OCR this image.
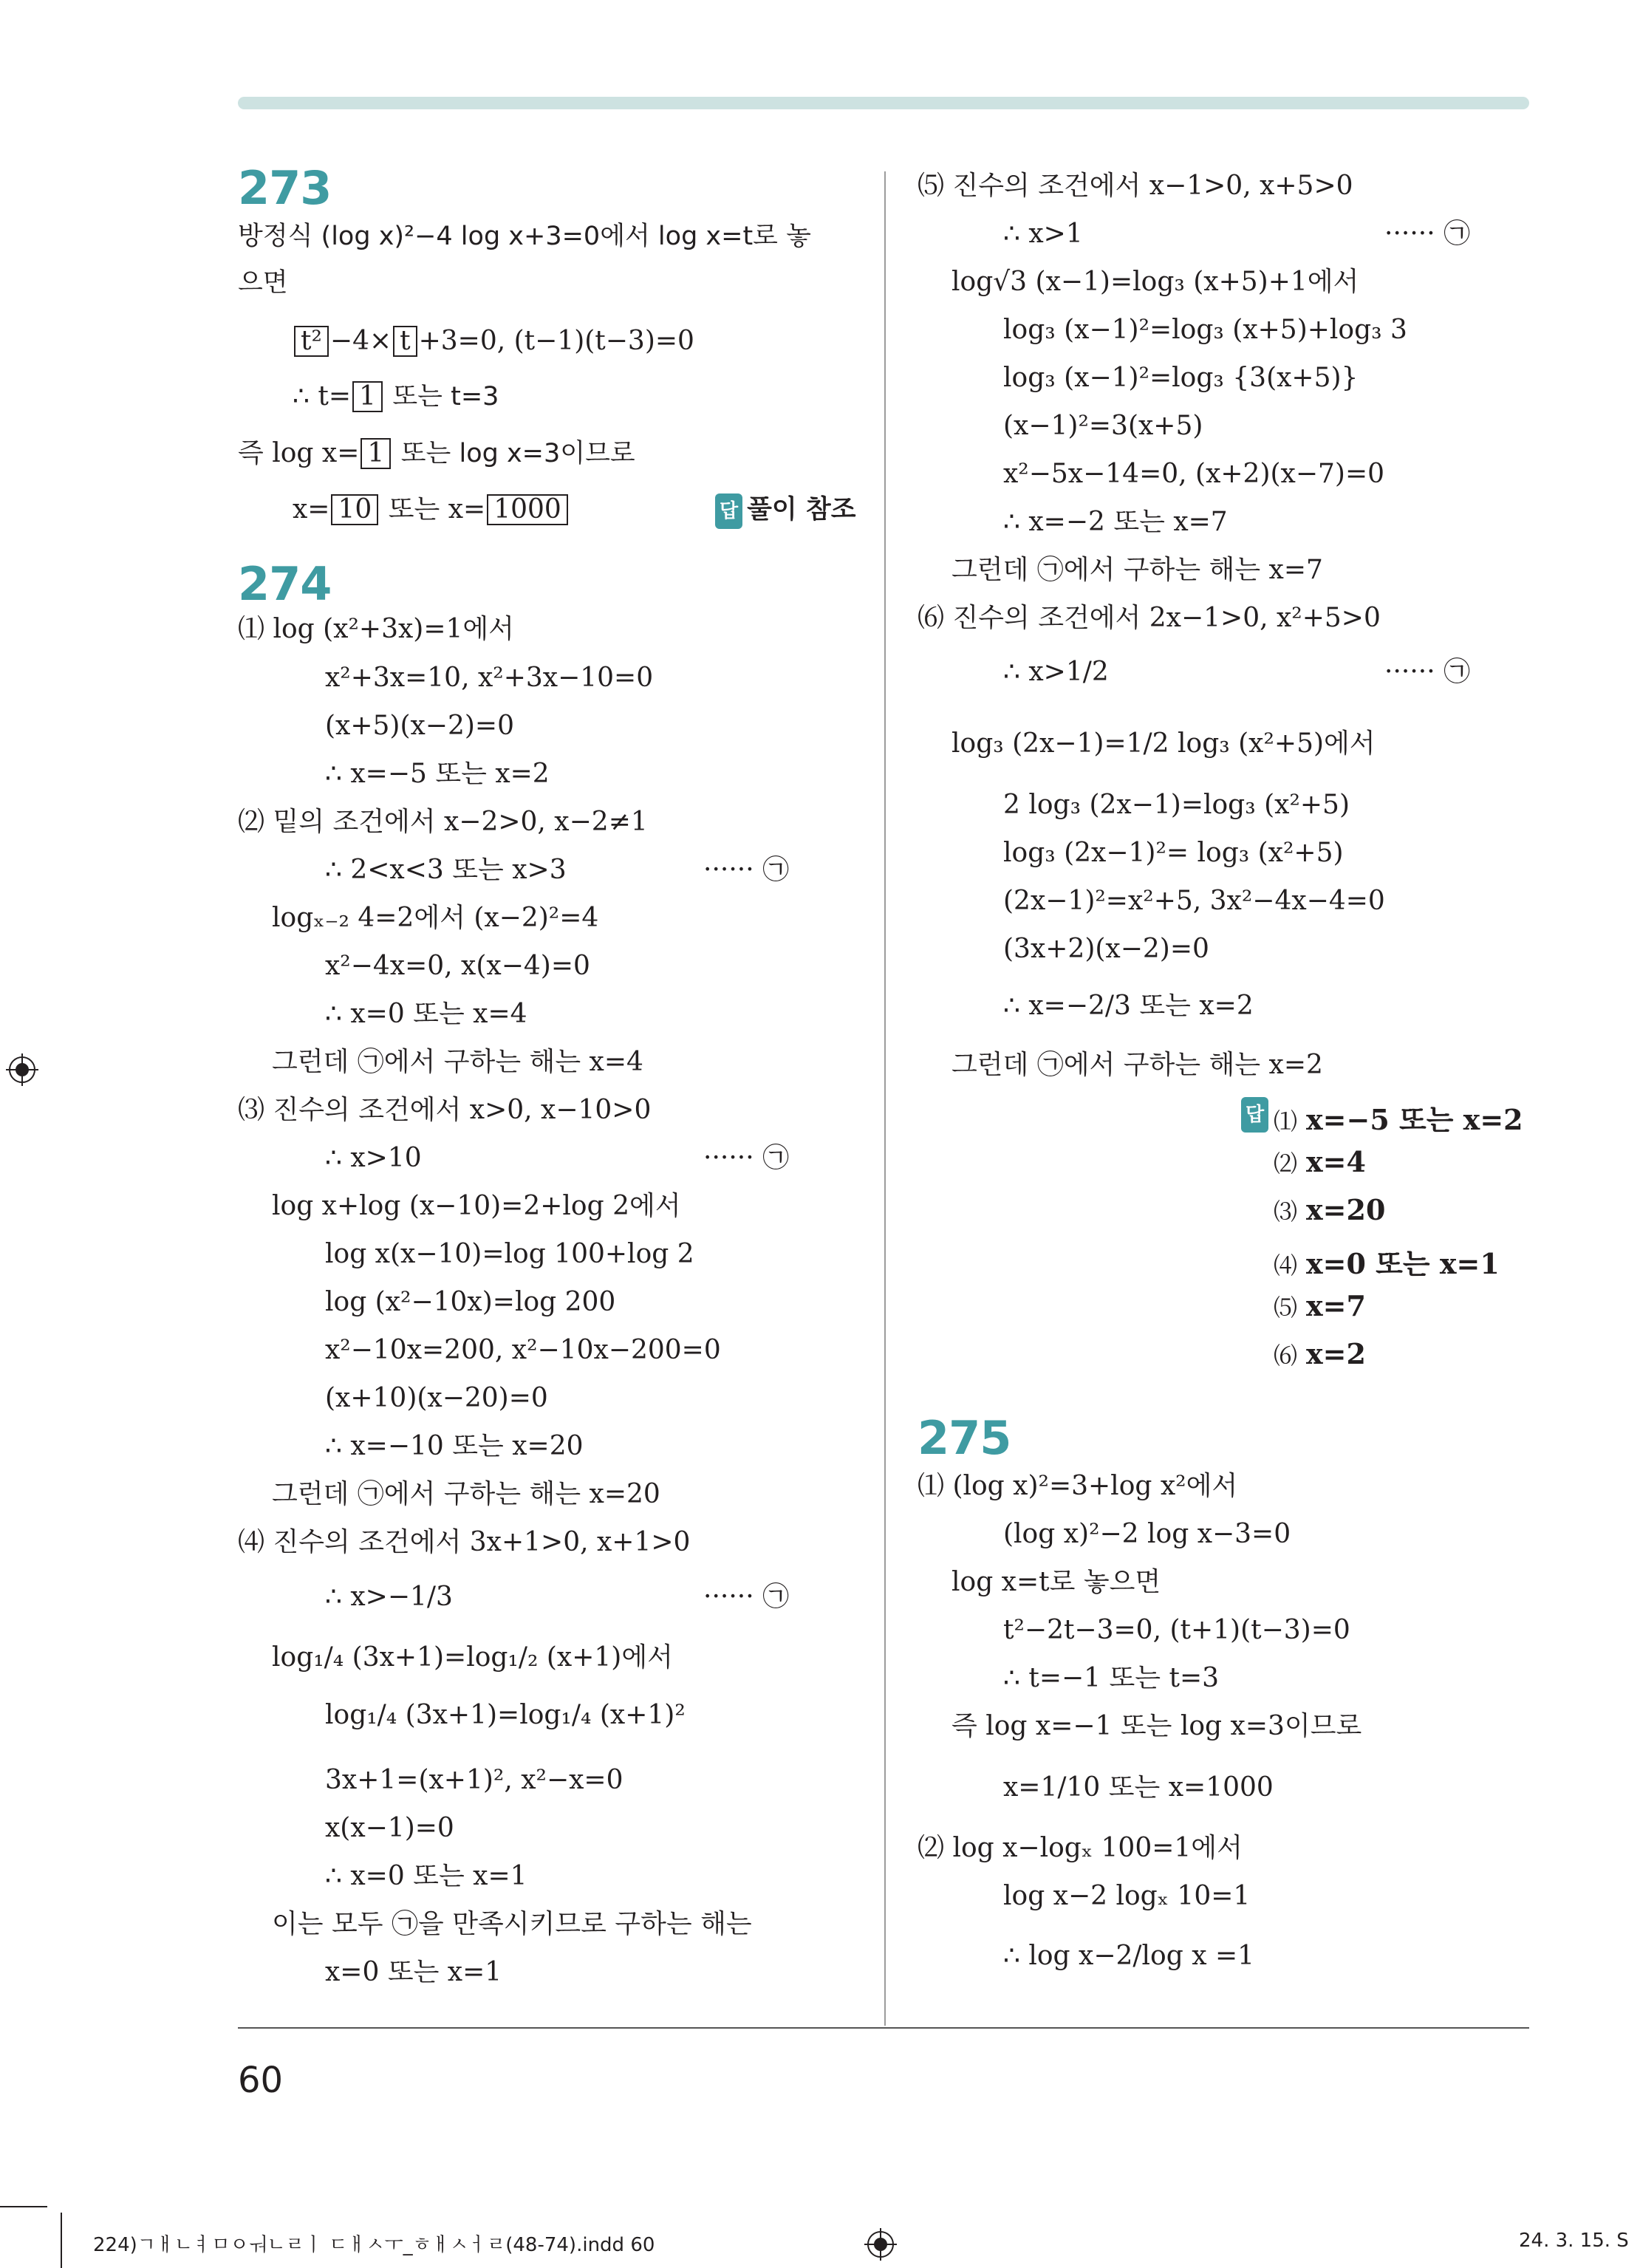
273
방정식 (log x)²−4 log x+3=0에서 log x=t로 놓
으면
t² −4× t +3=0, (t−1)(t−3)=0
∴ t= 1 또는 t=3
즉 log x= 1 또는 log x=3이므로
x= 10 또는 x= 1000	답 풀이 참조
274
⑴ log (x²+3x)=1에서
x²+3x=10, x²+3x−10=0
(x+5)(x−2)=0
∴ x=−5 또는 x=2
⑵ 밑의 조건에서 x−2>0, x−2≠1
∴ 2<x<3 또는 x>3	······ ㉠
logₓ₋₂ 4=2에서 (x−2)²=4
x²−4x=0, x(x−4)=0
∴ x=0 또는 x=4
그런데 ㉠에서 구하는 해는 x=4
⑶ 진수의 조건에서 x>0, x−10>0
∴ x>10	······ ㉠
log x+log (x−10)=2+log 2에서
log x(x−10)=log 100+log 2
log (x²−10x)=log 200
x²−10x=200, x²−10x−200=0
(x+10)(x−20)=0
∴ x=−10 또는 x=20
그런데 ㉠에서 구하는 해는 x=20
⑷ 진수의 조건에서 3x+1>0, x+1>0
∴ x>−1/3	······ ㉠
log₁/₄ (3x+1)=log₁/₂ (x+1)에서
log₁/₄ (3x+1)=log₁/₄ (x+1)²
3x+1=(x+1)², x²−x=0
x(x−1)=0
∴ x=0 또는 x=1
이는 모두 ㉠을 만족시키므로 구하는 해는
x=0 또는 x=1
⑸ 진수의 조건에서 x−1>0, x+5>0
∴ x>1	······ ㉠
log√3 (x−1)=log₃ (x+5)+1에서
log₃ (x−1)²=log₃ (x+5)+log₃ 3
log₃ (x−1)²=log₃ {3(x+5)}
(x−1)²=3(x+5)
x²−5x−14=0, (x+2)(x−7)=0
∴ x=−2 또는 x=7
그런데 ㉠에서 구하는 해는 x=7
⑹ 진수의 조건에서 2x−1>0, x²+5>0
∴ x>1/2	······ ㉠
log₃ (2x−1)=1/2 log₃ (x²+5)에서
2 log₃ (2x−1)=log₃ (x²+5)
log₃ (2x−1)²= log₃ (x²+5)
(2x−1)²=x²+5, 3x²−4x−4=0
(3x+2)(x−2)=0
∴ x=−2/3 또는 x=2
그런데 ㉠에서 구하는 해는 x=2
답 ⑴ x=−5 또는 x=2
⑵ x=4
⑶ x=20
⑷ x=0 또는 x=1
⑸ x=7
⑹ x=2
275
⑴ (log x)²=3+log x²에서
(log x)²−2 log x−3=0
log x=t로 놓으면
t²−2t−3=0, (t+1)(t−3)=0
∴ t=−1 또는 t=3
즉 log x=−1 또는 log x=3이므로
x=1/10 또는 x=1000
⑵ log x−logₓ 100=1에서
log x−2 logₓ 10=1
∴ log x−2/log x =1
60
224)ㄱㅐㄴㅕㅁㅇㅝㄴㄹㅣ ㄷㅐㅅㅜ_ㅎㅐㅅㅓㄹ(48-74).indd 60	24. 3. 15. S
